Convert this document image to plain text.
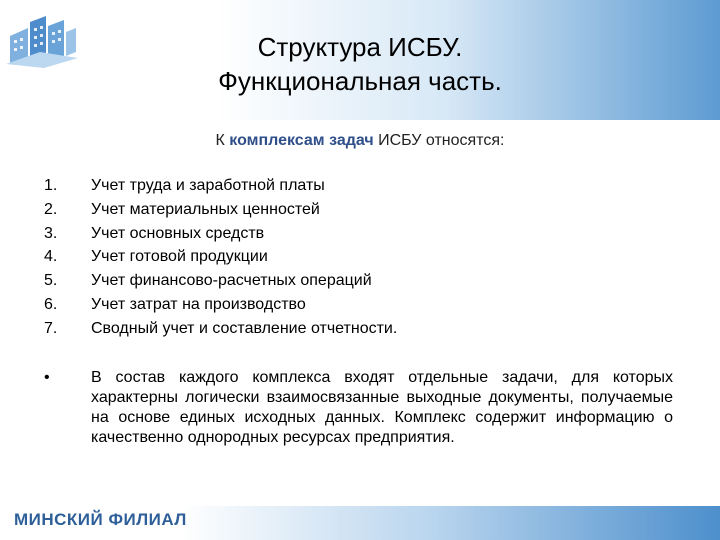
Структура ИСБУ.
Функциональная часть.
К комплексам задач ИСБУ относятся:
1.	Учет труда и заработной платы
2.	Учет материальных ценностей
3.	Учет основных средств
4.	Учет готовой продукции
5.	Учет финансово-расчетных операций
6.	Учет затрат на производство
7.	Сводный учет и составление отчетности.
•	В состав каждого комплекса входят отдельные задачи, для которых характерны логически взаимосвязанные выходные документы, получаемые на основе единых исходных данных. Комплекс содержит информацию о качественно однородных ресурсах предприятия.
МИНСКИЙ ФИЛИАЛ
